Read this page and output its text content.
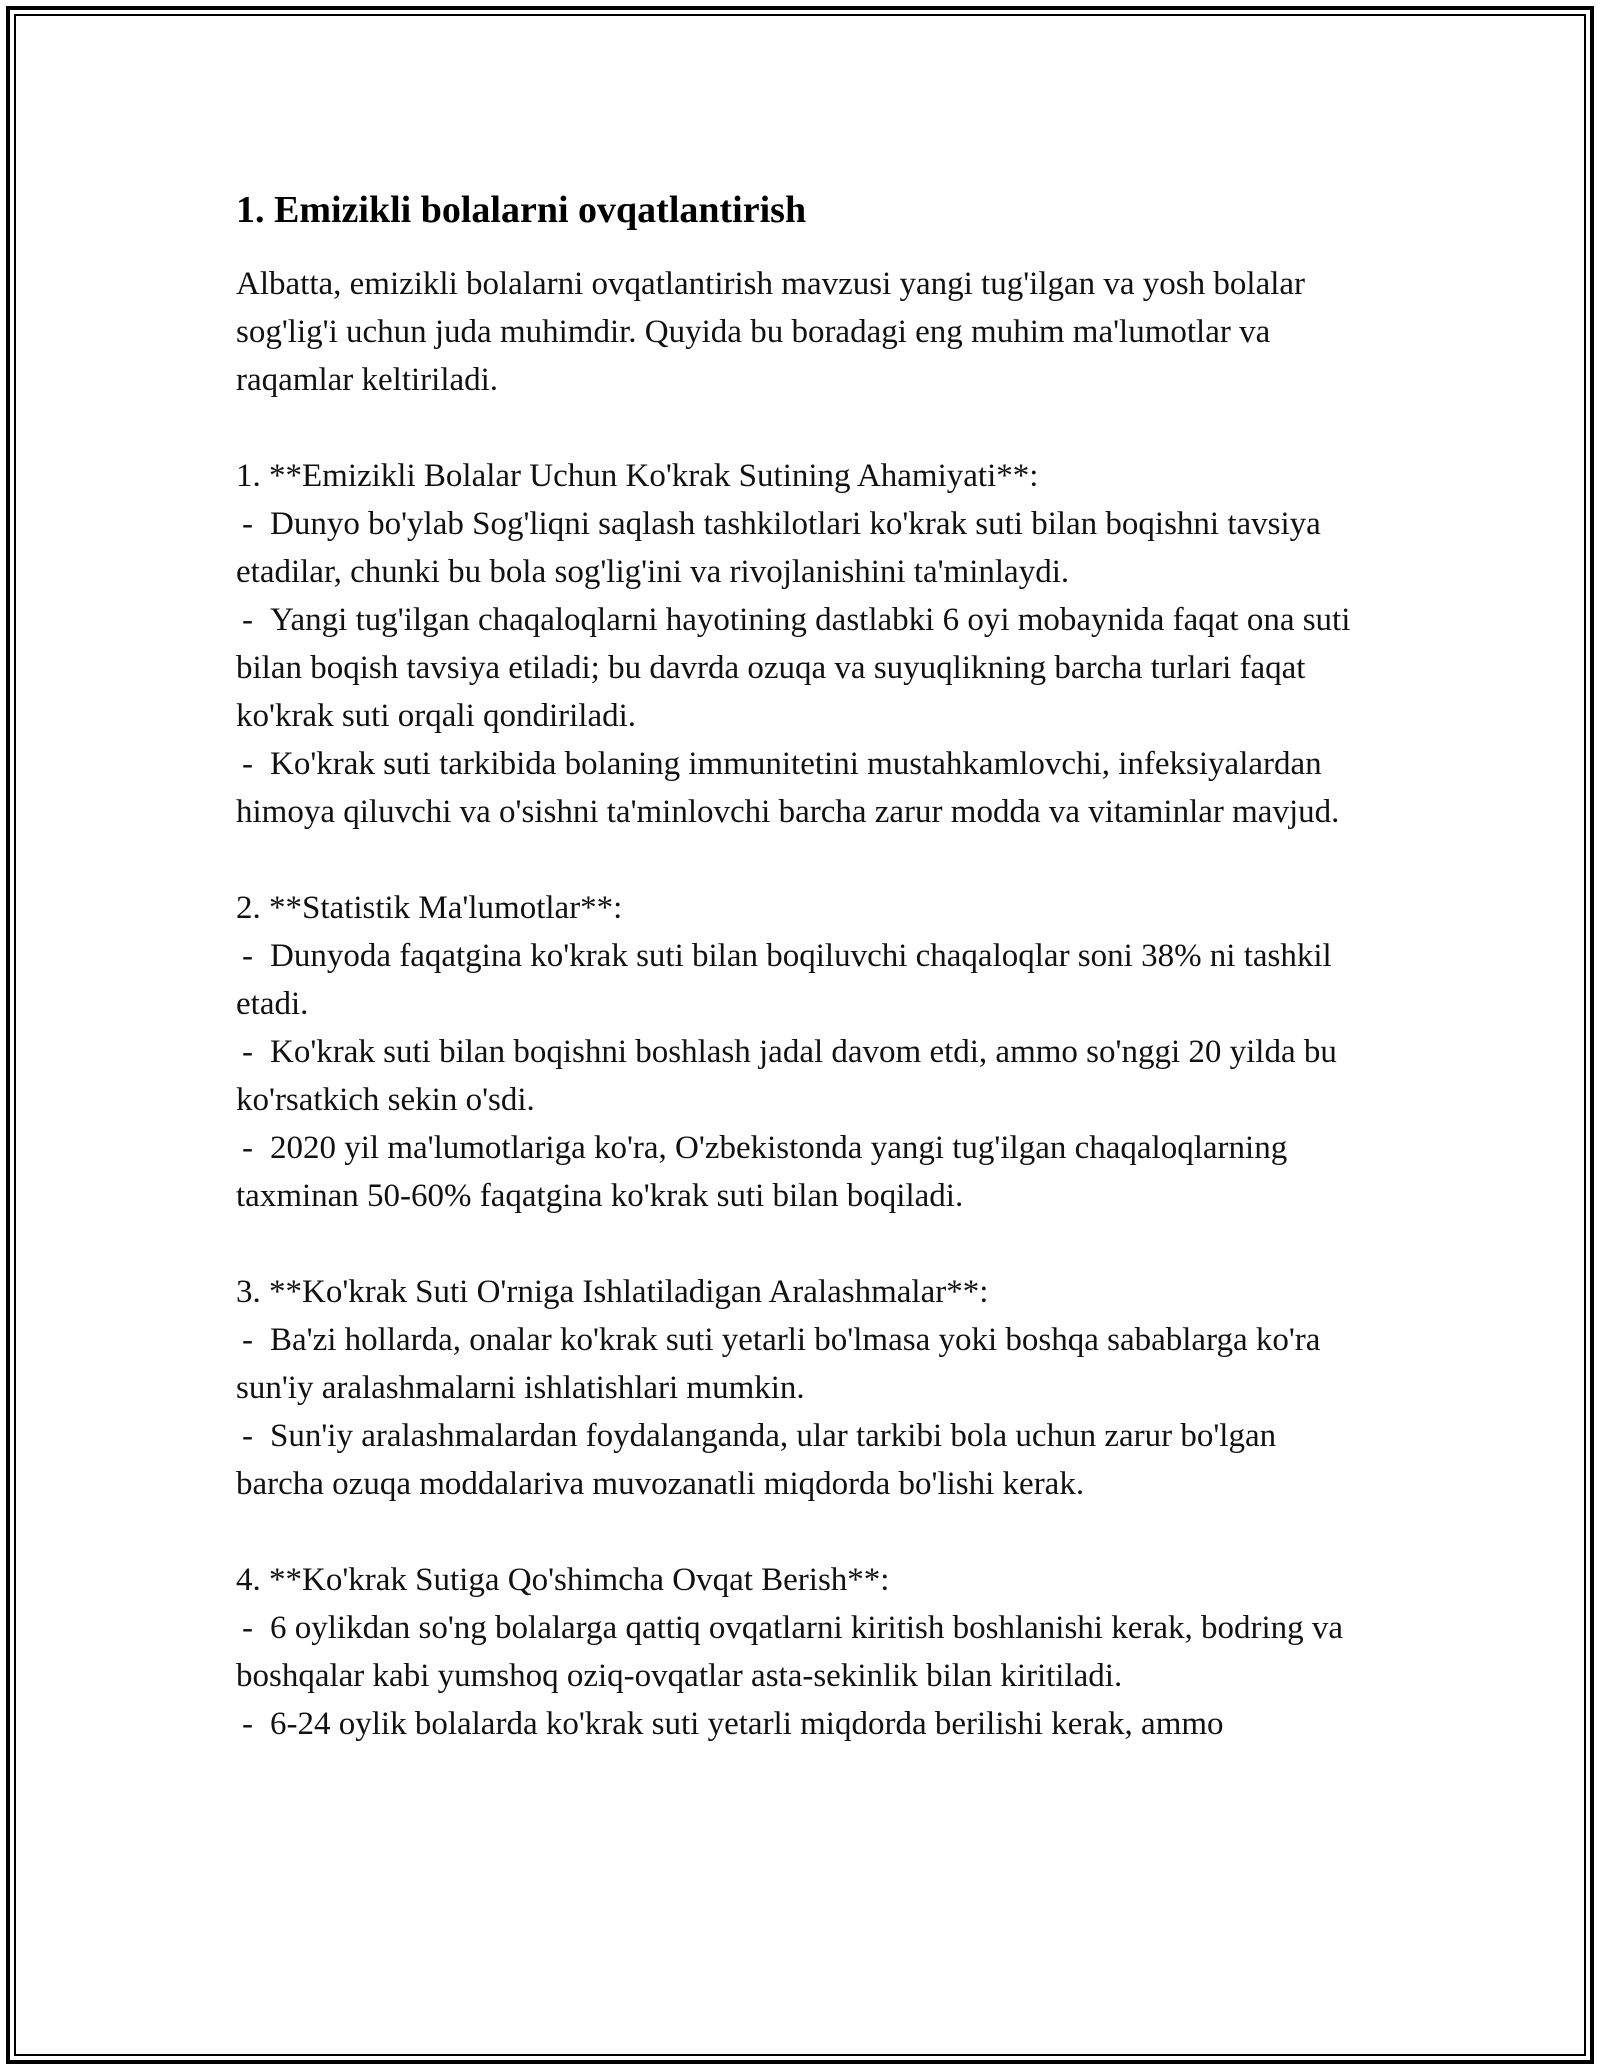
1. Emizikli bolalarni ovqatlantirish

Albatta, emizikli bolalarni ovqatlantirish mavzusi yangi tug'ilgan va yosh bolalar sog'lig'i uchun juda muhimdir. Quyida bu boradagi eng muhim ma'lumotlar va raqamlar keltiriladi.

1. **Emizikli Bolalar Uchun Ko'krak Sutining Ahamiyati**:

- Dunyo bo'ylab Sog'liqni saqlash tashkilotlari ko'krak suti bilan boqishni tavsiya etadilar, chunki bu bola sog'lig'ini va rivojlanishini ta'minlaydi.

- Yangi tug'ilgan chaqaloqlarni hayotining dastlabki 6 oyi mobaynida faqat ona suti bilan boqish tavsiya etiladi; bu davrda ozuqa va suyuqlikning barcha turlari faqat ko'krak suti orqali qondiriladi.

- Ko'krak suti tarkibida bolaning immunitetini mustahkamlovchi, infeksiyalardan himoya qiluvchi va o'sishni ta'minlovchi barcha zarur modda va vitaminlar mavjud.

2. **Statistik Ma'lumotlar**:

- Dunyoda faqatgina ko'krak suti bilan boqiluvchi chaqaloqlar soni 38% ni tashkil etadi.

- Ko'krak suti bilan boqishni boshlash jadal davom etdi, ammo so'nggi 20 yilda bu ko'rsatkich sekin o'sdi.

- 2020 yil ma'lumotlariga ko'ra, O'zbekistonda yangi tug'ilgan chaqaloqlarning taxminan 50-60% faqatgina ko'krak suti bilan boqiladi.

3. **Ko'krak Suti O'rniga Ishlatiladigan Aralashmalar**:

- Ba'zi hollarda, onalar ko'krak suti yetarli bo'lmasa yoki boshqa sabablarga ko'ra sun'iy aralashmalarni ishlatishlari mumkin.

- Sun'iy aralashmalardan foydalanganda, ular tarkibi bola uchun zarur bo'lgan barcha ozuqa moddalariva muvozanatli miqdorda bo'lishi kerak.

4. **Ko'krak Sutiga Qo'shimcha Ovqat Berish**:

- 6 oylikdan so'ng bolalarga qattiq ovqatlarni kiritish boshlanishi kerak, bodring va boshqalar kabi yumshoq oziq-ovqatlar asta-sekinlik bilan kiritiladi.

- 6-24 oylik bolalarda ko'krak suti yetarli miqdorda berilishi kerak, ammo
